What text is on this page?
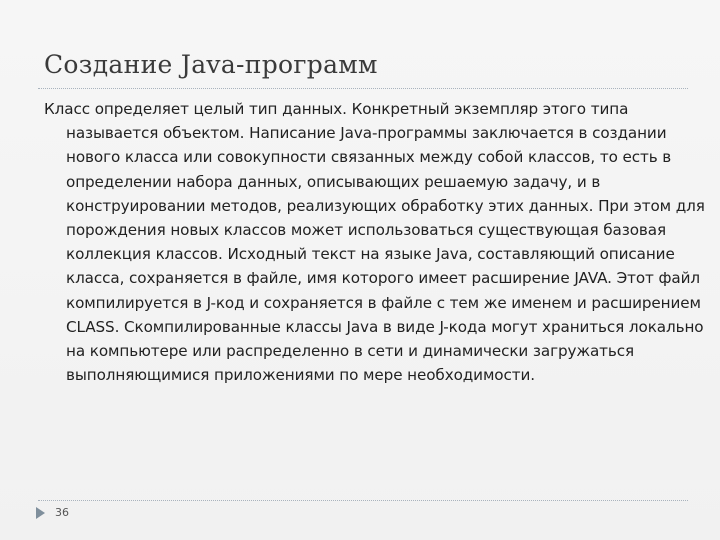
Создание Java-программ
Класс определяет целый тип данных. Конкретный экземпляр этого типа называется объектом. Написание Java-программы заключается в создании нового класса или совокупности связанных между собой классов, то есть в определении набора данных, описывающих решаемую задачу, и в конструировании методов, реализующих обработку этих данных. При этом для порождения новых классов может использоваться существующая базовая коллекция классов. Исходный текст на языке Java, составляющий описание класса, сохраняется в файле, имя которого имеет расширение JAVA. Этот файл компилируется в J-код и сохраняется в файле с тем же именем и расширением CLASS. Скомпилированные классы Java в виде J-кода могут храниться локально на компьютере или распределенно в сети и динамически загружаться выполняющимися приложениями по мере необходимости.
36
